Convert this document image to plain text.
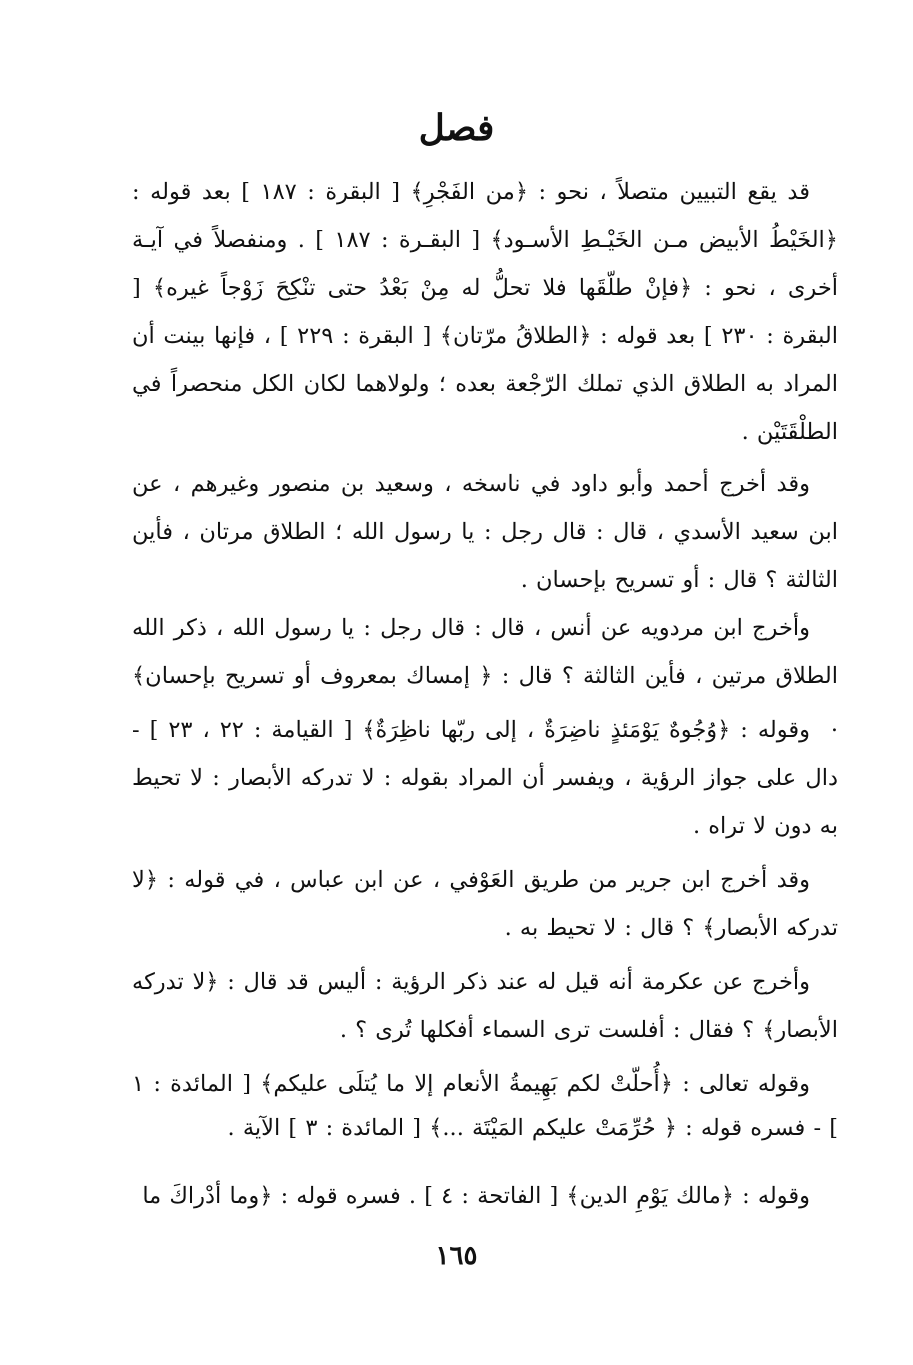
فصل
قد يقع التبيين متصلاً ، نحو : ﴿من الفَجْرِ﴾ [ البقرة : ١٨٧ ] بعد قوله : ﴿الخَيْطُ الأبيض مـن الخَيْـطِ الأسـود﴾ [ البقـرة : ١٨٧ ] . ومنفصلاً في آيـة أخرى ، نحو : ﴿فإنْ طلّقَها فلا تحلُّ له مِنْ بَعْدُ حتى تنْكِحَ زَوْجاً غيره﴾ [ البقرة : ٢٣٠ ] بعد قوله : ﴿الطلاقُ مرّتان﴾ [ البقرة : ٢٢٩ ] ، فإنها بينت أن المراد به الطلاق الذي تملك الرّجْعة بعده ؛ ولولاهما لكان الكل منحصراً في الطلْقَتَيْن .
وقد أخرج أحمد وأبو داود في ناسخه ، وسعيد بن منصور وغيرهم ، عن ابن سعيد الأسدي ، قال : قال رجل : يا رسول الله ؛ الطلاق مرتان ، فأين الثالثة ؟ قال : أو تسريح بإحسان .
وأخرج ابن مردويه عن أنس ، قال : قال رجل : يا رسول الله ، ذكر الله الطلاق مرتين ، فأين الثالثة ؟ قال : ﴿ إمساك بمعروف أو تسريح بإحسان﴾ .
وقوله : ﴿وُجُوهٌ يَوْمَئذٍ ناضِرَةٌ ، إلى ربّها ناظِرَةٌ﴾ [ القيامة : ٢٢ ، ٢٣ ] - دال على جواز الرؤية ، ويفسر أن المراد بقوله : لا تدركه الأبصار : لا تحيط به دون لا تراه .
وقد أخرج ابن جرير من طريق العَوْفي ، عن ابن عباس ، في قوله : ﴿لا تدركه الأبصار﴾ ؟ قال : لا تحيط به .
وأخرج عن عكرمة أنه قيل له عند ذكر الرؤية : أليس قد قال : ﴿لا تدركه الأبصار﴾ ؟ فقال : أفلست ترى السماء أفكلها تُرى ؟ .
وقوله تعالى : ﴿أُحلّتْ لكم بَهِيمةُ الأنعام إلا ما يُتلَى عليكم﴾ [ المائدة : ١ ] - فسره قوله : ﴿ حُرِّمَتْ عليكم المَيْتَة ...﴾ [ المائدة : ٣ ] الآية .
وقوله : ﴿مالك يَوْمِ الدين﴾ [ الفاتحة : ٤ ] . فسره قوله : ﴿وما أدْراكَ ما
١٦٥
